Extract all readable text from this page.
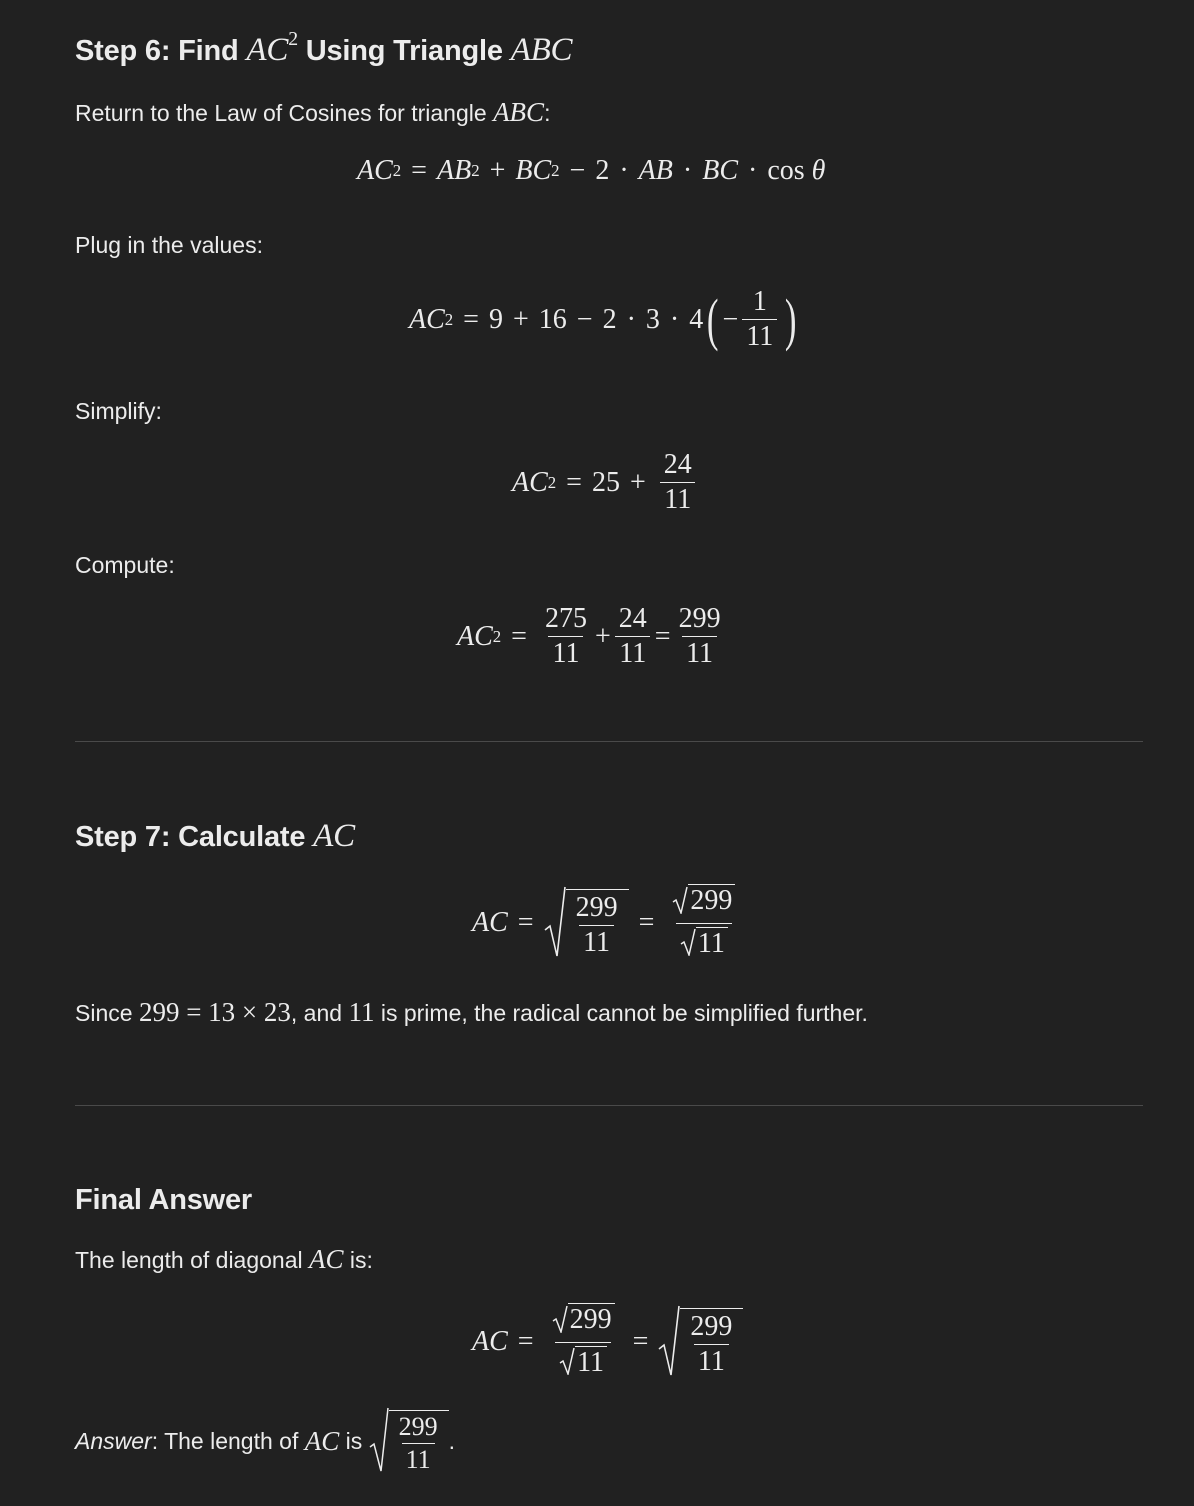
Step 6: Find $AC^2$ Using Triangle ABC
Return to the Law of Cosines for triangle ABC:
AC 2 = AB 2 + BC 2 − 2 · AB · BC · cos
θ
Plug in the values:
AC 2 = 9 + 16 − 2 · 3 · 4 ( − $\frac{1}{11}$ )
Simplify:
AC $2 = 25 + \frac{24}{11}$
Compute:
AC $2 = \frac{275}{11} + \frac{24}{11} = \frac{299}{11}$
Step 7: Calculate AC
AC = $\frac{299}{11} = \frac{299}{11}$
Since 299 = 13 × 23, and 11 is prime, the radical cannot be simplified further.
Final Answer
The length of diagonal AC is:
AC = $\frac{299}{11} = \frac{299}{11}$
Answer : The length of
AC
is
$\frac{299}{11}$ .
